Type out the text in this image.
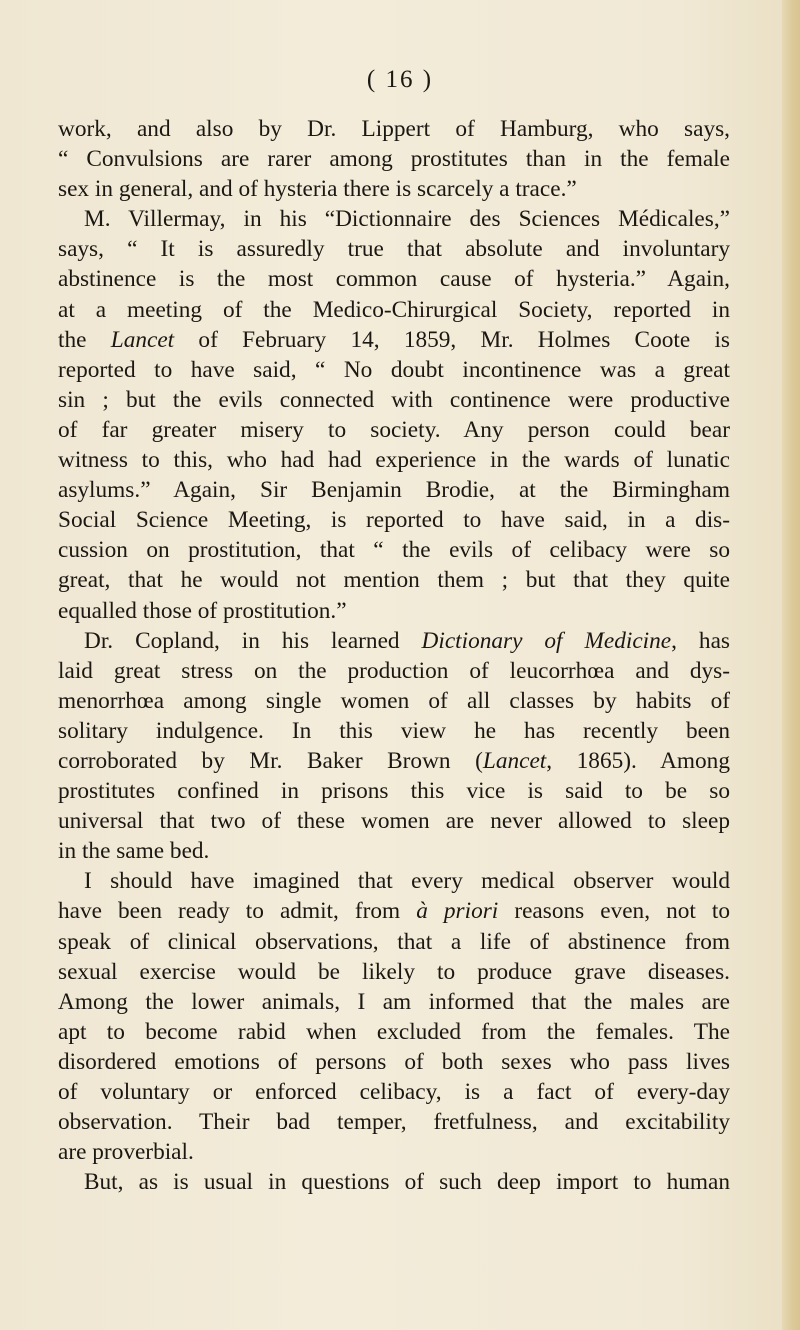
( 16 )
work, and also by Dr. Lippert of Hamburg, who says,
“ Convulsions are rarer among prostitutes than in the female
sex in general, and of hysteria there is scarcely a trace.”
M. Villermay, in his “Dictionnaire des Sciences Médicales,”
says, “ It is assuredly true that absolute and involuntary
abstinence is the most common cause of hysteria.” Again,
at a meeting of the Medico-Chirurgical Society, reported in
the Lancet of February 14, 1859, Mr. Holmes Coote is
reported to have said, “ No doubt incontinence was a great
sin ; but the evils connected with continence were productive
of far greater misery to society. Any person could bear
witness to this, who had had experience in the wards of lunatic
asylums.” Again, Sir Benjamin Brodie, at the Birmingham
Social Science Meeting, is reported to have said, in a dis-
cussion on prostitution, that “ the evils of celibacy were so
great, that he would not mention them ; but that they quite
equalled those of prostitution.”
Dr. Copland, in his learned Dictionary of Medicine, has
laid great stress on the production of leucorrhœa and dys-
menorrhœa among single women of all classes by habits of
solitary indulgence. In this view he has recently been
corroborated by Mr. Baker Brown (Lancet, 1865). Among
prostitutes confined in prisons this vice is said to be so
universal that two of these women are never allowed to sleep
in the same bed.
I should have imagined that every medical observer would
have been ready to admit, from à priori reasons even, not to
speak of clinical observations, that a life of abstinence from
sexual exercise would be likely to produce grave diseases.
Among the lower animals, I am informed that the males are
apt to become rabid when excluded from the females. The
disordered emotions of persons of both sexes who pass lives
of voluntary or enforced celibacy, is a fact of every-day
observation. Their bad temper, fretfulness, and excitability
are proverbial.
But, as is usual in questions of such deep import to human
